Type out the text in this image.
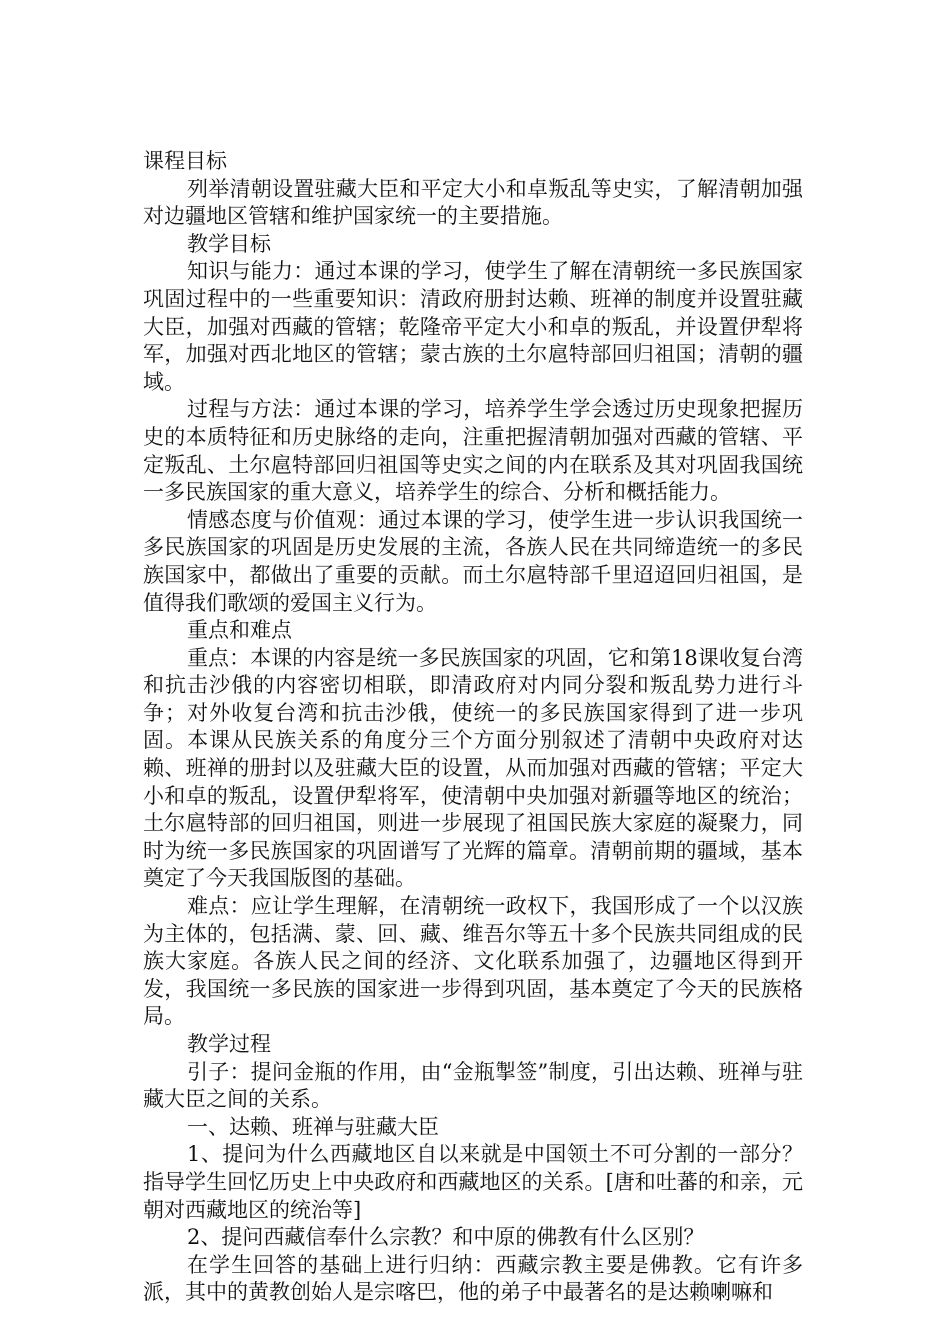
课程目标

列举清朝设置驻藏大臣和平定大小和卓叛乱等史实，了解清朝加强对边疆地区管辖和维护国家统一的主要措施。

教学目标

知识与能力：通过本课的学习，使学生了解在清朝统一多民族国家巩固过程中的一些重要知识：清政府册封达赖、班禅的制度并设置驻藏大臣，加强对西藏的管辖；乾隆帝平定大小和卓的叛乱，并设置伊犁将军，加强对西北地区的管辖；蒙古族的土尔扈特部回归祖国；清朝的疆域。

过程与方法：通过本课的学习，培养学生学会透过历史现象把握历史的本质特征和历史脉络的走向，注重把握清朝加强对西藏的管辖、平定叛乱、土尔扈特部回归祖国等史实之间的内在联系及其对巩固我国统一多民族国家的重大意义，培养学生的综合、分析和概括能力。

情感态度与价值观：通过本课的学习，使学生进一步认识我国统一多民族国家的巩固是历史发展的主流，各族人民在共同缔造统一的多民族国家中，都做出了重要的贡献。而土尔扈特部千里迢迢回归祖国，是值得我们歌颂的爱国主义行为。

重点和难点

重点：本课的内容是统一多民族国家的巩固，它和第18课收复台湾和抗击沙俄的内容密切相联，即清政府对内同分裂和叛乱势力进行斗争；对外收复台湾和抗击沙俄，使统一的多民族国家得到了进一步巩固。本课从民族关系的角度分三个方面分别叙述了清朝中央政府对达赖、班禅的册封以及驻藏大臣的设置，从而加强对西藏的管辖；平定大小和卓的叛乱，设置伊犁将军，使清朝中央加强对新疆等地区的统治；土尔扈特部的回归祖国，则进一步展现了祖国民族大家庭的凝聚力，同时为统一多民族国家的巩固谱写了光辉的篇章。清朝前期的疆域，基本奠定了今天我国版图的基础。

难点：应让学生理解，在清朝统一政权下，我国形成了一个以汉族为主体的，包括满、蒙、回、藏、维吾尔等五十多个民族共同组成的民族大家庭。各族人民之间的经济、文化联系加强了，边疆地区得到开发，我国统一多民族的国家进一步得到巩固，基本奠定了今天的民族格局。

教学过程

引子：提问金瓶的作用，由“金瓶掣签”制度，引出达赖、班禅与驻藏大臣之间的关系。

一、达赖、班禅与驻藏大臣

1、提问为什么西藏地区自以来就是中国领土不可分割的一部分？指导学生回忆历史上中央政府和西藏地区的关系。[唐和吐蕃的和亲，元朝对西藏地区的统治等]

2、提问西藏信奉什么宗教？和中原的佛教有什么区别？

在学生回答的基础上进行归纳：西藏宗教主要是佛教。它有许多派，其中的黄教创始人是宗喀巴，他的弟子中最著名的是达赖喇嘛和
